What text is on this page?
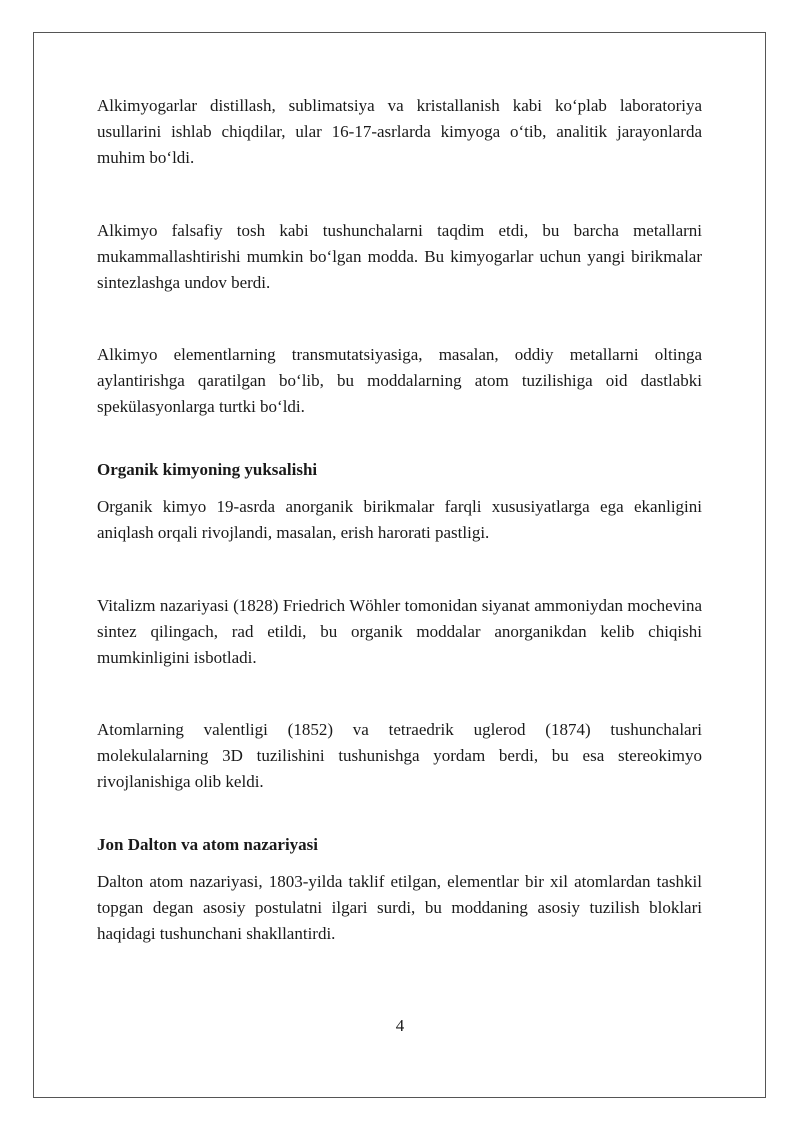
Alkimyogarlar distillash, sublimatsiya va kristallanish kabi ko‘plab laboratoriya usullarini ishlab chiqdilar, ular 16-17-asrlarda kimyoga o‘tib, analitik jarayonlarda muhim bo‘ldi.

Alkimyo falsafiy tosh kabi tushunchalarni taqdim etdi, bu barcha metallarni mukammallashtirishi mumkin bo‘lgan modda. Bu kimyogarlar uchun yangi birikmalar sintezlashga undov berdi.

Alkimyo elementlarning transmutatsiyasiga, masalan, oddiy metallarni oltinga aylantirishga qaratilgan bo‘lib, bu moddalarning atom tuzilishiga oid dastlabki spekülasyonlarga turtki bo‘ldi.

Organik kimyoning yuksalishi

Organik kimyo 19-asrda anorganik birikmalar farqli xususiyatlarga ega ekanligini aniqlash orqali rivojlandi, masalan, erish harorati pastligi.

Vitalizm nazariyasi (1828) Friedrich Wöhler tomonidan siyanat ammoniydan mochevina sintez qilingach, rad etildi, bu organik moddalar anorganikdan kelib chiqishi mumkinligini isbotladi.

Atomlarning valentligi (1852) va tetraedrik uglerod (1874) tushunchalari molekulalarning 3D tuzilishini tushunishga yordam berdi, bu esa stereokimyo rivojlanishiga olib keldi.

Jon Dalton va atom nazariyasi

Dalton atom nazariyasi, 1803-yilda taklif etilgan, elementlar bir xil atomlardan tashkil topgan degan asosiy postulatni ilgari surdi, bu moddaning asosiy tuzilish bloklari haqidagi tushunchani shakllantirdi.

4
